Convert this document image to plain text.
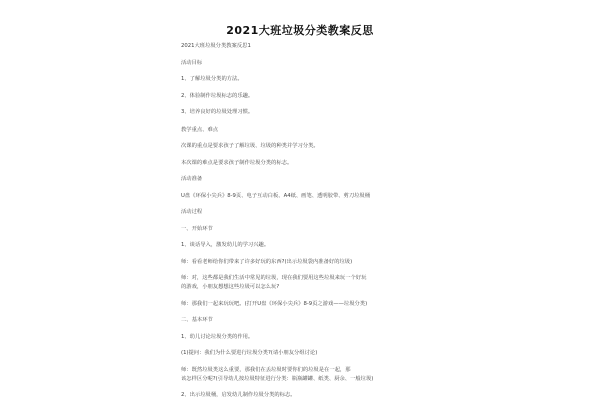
2021大班垃圾分类教案反思

2021大班垃圾分类教案反思1

活动目标

1、了解垃圾分类的方法。

2、体验制作垃圾标志的乐趣。

3、培养良好的垃圾处理习惯。

教学重点、难点

次课的重点是要求孩子了解垃圾、垃圾的种类并学习分类。

本次课的难点是要求孩子制作垃圾分类的标志。

活动准备

U盘《环保小尖兵》8-9页、电子互动白板、A4纸、画笔、透明胶带、剪刀垃圾桶

活动过程

一、开始环节

1、谈话导入，激发幼儿的学习兴趣。

师：看看老师给你们带来了许多好玩的东西?(出示垃圾袋内准备好的垃圾)

师：对，这些都是我们生活中常见的垃圾，现在我们要用这些垃圾来玩一个好玩

的游戏，小朋友想想这些垃圾可以怎么玩?

师：那我们一起来玩玩吧。(打开U盘《环保小尖兵》8-9页之游戏——垃圾分类)

二、基本环节

1、幼儿讨论垃圾分类的作用。

(1)提问：我们为什么要进行垃圾分类?(请小朋友分组讨论)

师：既然垃圾类这么重要，那我们在丢垃圾时要你们的垃圾是在一起，那

该怎样区分呢?(引导幼儿按垃圾特征进行分类：瓶瓶罐罐、纸类、厨余、一般垃圾)

2、出示垃圾桶，启发幼儿制作垃圾分类的标志。
